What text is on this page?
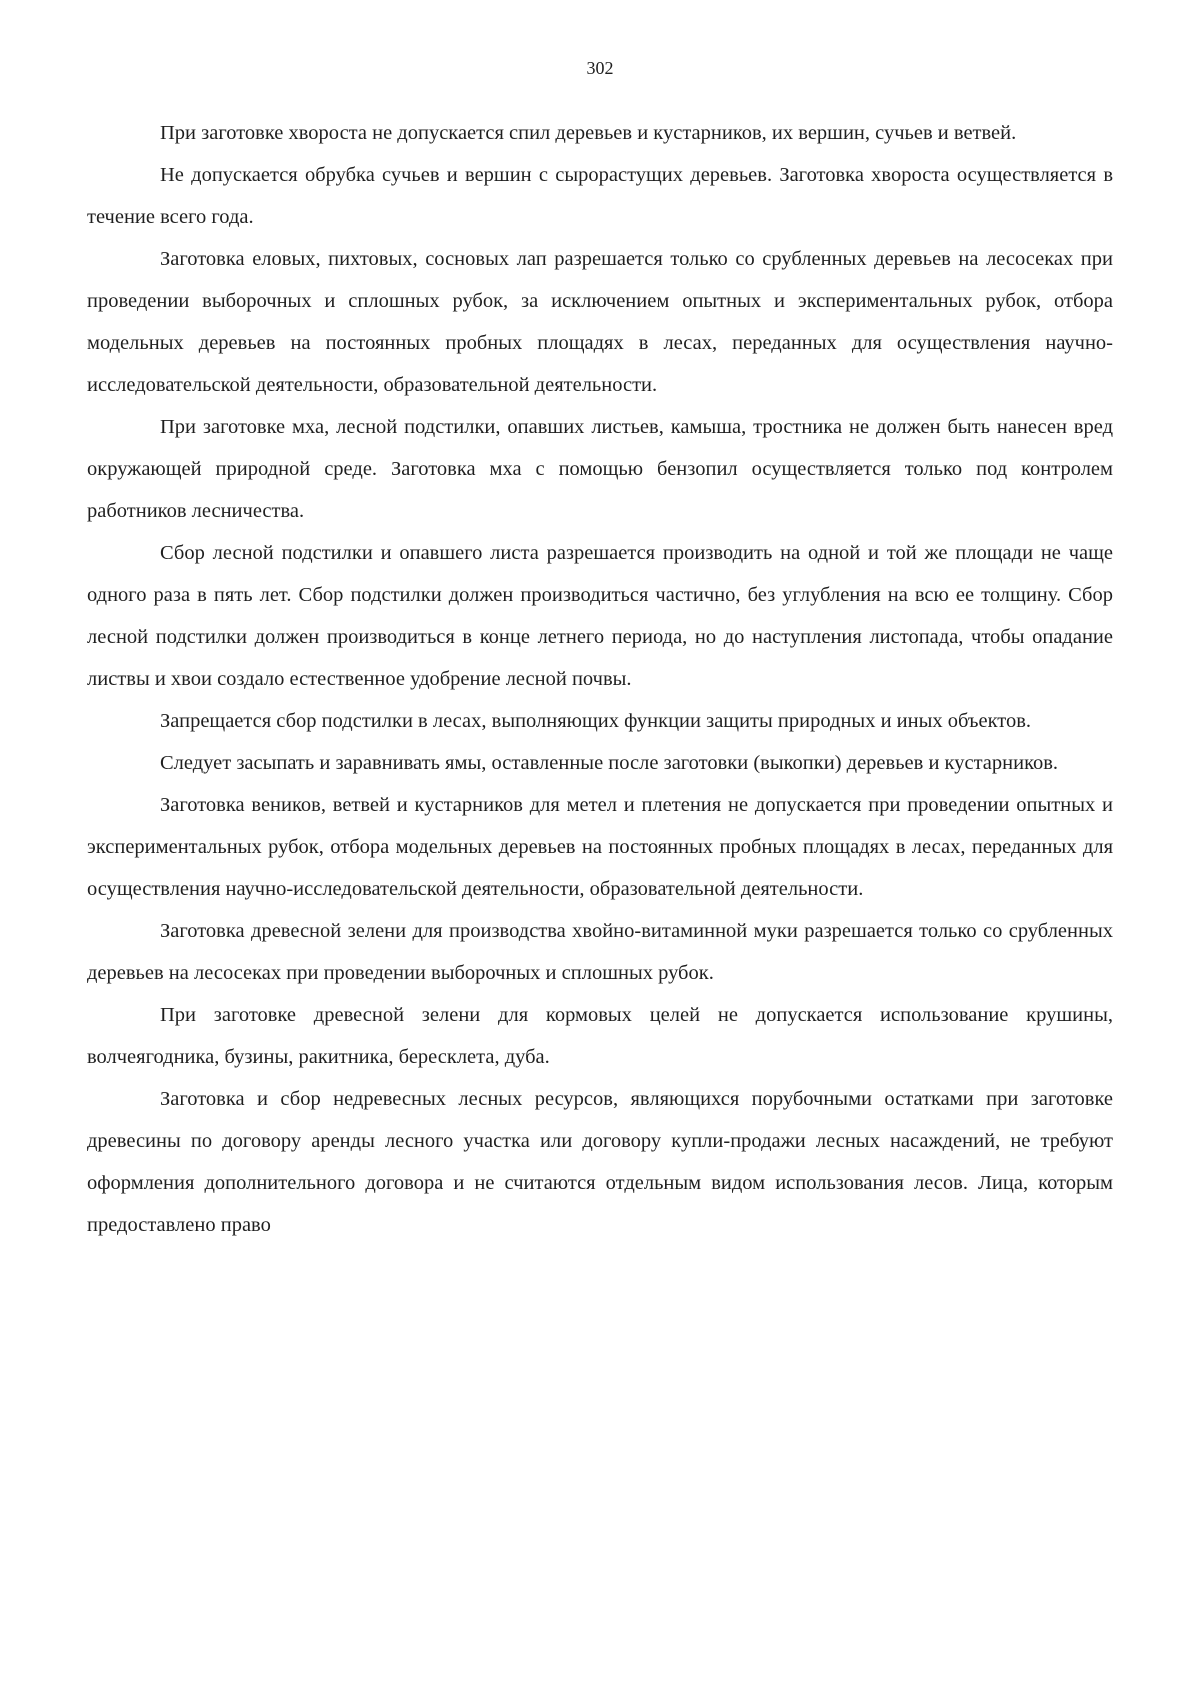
302

При заготовке хвороста не допускается спил деревьев и кустарников, их вершин, сучьев и ветвей.

Не допускается обрубка сучьев и вершин с сырорастущих деревьев. Заготовка хвороста осуществляется в течение всего года.

Заготовка еловых, пихтовых, сосновых лап разрешается только со срубленных деревьев на лесосеках при проведении выборочных и сплошных рубок, за исключением опытных и экспериментальных рубок, отбора модельных деревьев на постоянных пробных площадях в лесах, переданных для осуществления научно-исследовательской деятельности, образовательной деятельности.

При заготовке мха, лесной подстилки, опавших листьев, камыша, тростника не должен быть нанесен вред окружающей природной среде. Заготовка мха с помощью бензопил осуществляется только под контролем работников лесничества.

Сбор лесной подстилки и опавшего листа разрешается производить на одной и той же площади не чаще одного раза в пять лет. Сбор подстилки должен производиться частично, без углубления на всю ее толщину. Сбор лесной подстилки должен производиться в конце летнего периода, но до наступления листопада, чтобы опадание листвы и хвои создало естественное удобрение лесной почвы.

Запрещается сбор подстилки в лесах, выполняющих функции защиты природных и иных объектов.

Следует засыпать и заравнивать ямы, оставленные после заготовки (выкопки) деревьев и кустарников.

Заготовка веников, ветвей и кустарников для метел и плетения не допускается при проведении опытных и экспериментальных рубок, отбора модельных деревьев на постоянных пробных площадях в лесах, переданных для осуществления научно-исследовательской деятельности, образовательной деятельности.

Заготовка древесной зелени для производства хвойно-витаминной муки разрешается только со срубленных деревьев на лесосеках при проведении выборочных и сплошных рубок.

При заготовке древесной зелени для кормовых целей не допускается использование крушины, волчеягодника, бузины, ракитника, бересклета, дуба.

Заготовка и сбор недревесных лесных ресурсов, являющихся порубочными остатками при заготовке древесины по договору аренды лесного участка или договору купли-продажи лесных насаждений, не требуют оформления дополнительного договора и не считаются отдельным видом использования лесов. Лица, которым предоставлено право
